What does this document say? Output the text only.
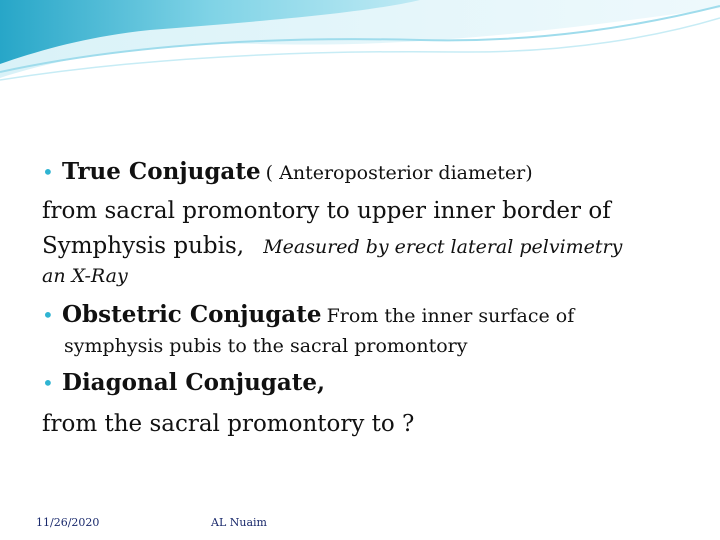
• True Conjugate ( Anteroposterior diameter)
from sacral promontory to upper inner border of
Symphysis pubis, Measured by erect lateral pelvimetry
an X-Ray
• Obstetric Conjugate From the inner surface of
symphysis pubis to the sacral promontory
• Diagonal Conjugate,
from the sacral promontory to ?
11/26/2020	AL Nuaim
